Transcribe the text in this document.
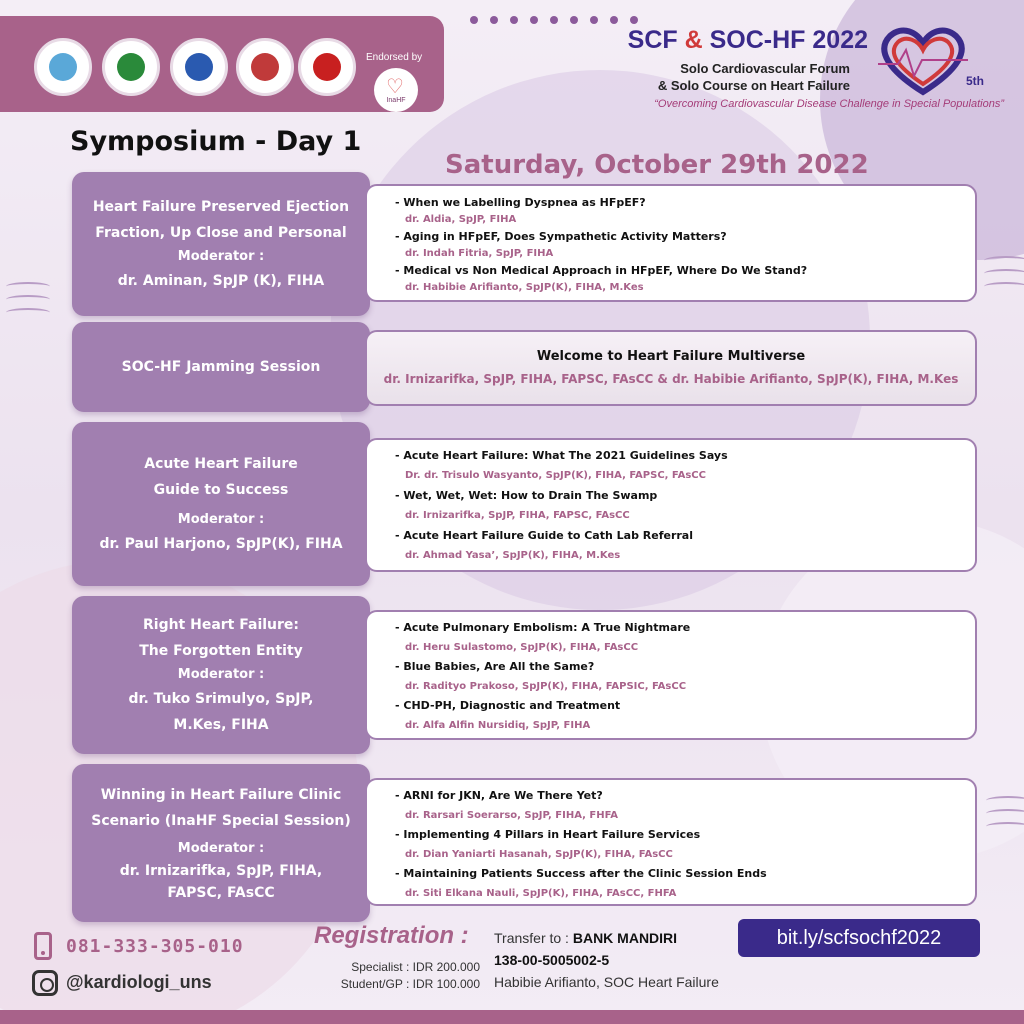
Endorsed by
♡
InaHF
SCF & SOC-HF 2022
Solo Cardiovascular Forum
& Solo Course on Heart Failure
“Overcoming Cardiovascular Disease Challenge in Special Populations”
5th
Symposium - Day 1
Saturday, October 29th 2022
Heart Failure Preserved Ejection
Fraction, Up Close and Personal
Moderator :
dr. Aminan, SpJP (K), FIHA
- When we Labelling Dyspnea as HFpEF?
dr. Aldia, SpJP, FIHA
- Aging in HFpEF, Does Sympathetic Activity Matters?
dr. Indah Fitria, SpJP, FIHA
- Medical vs Non Medical Approach in HFpEF, Where Do We Stand?
dr. Habibie Arifianto, SpJP(K), FIHA, M.Kes
SOC-HF Jamming Session
Welcome to Heart Failure Multiverse
dr. Irnizarifka, SpJP, FIHA, FAPSC, FAsCC & dr. Habibie Arifianto, SpJP(K), FIHA, M.Kes
Acute Heart Failure
Guide to Success
Moderator :
dr. Paul Harjono, SpJP(K), FIHA
- Acute Heart Failure: What The 2021 Guidelines Says
Dr. dr. Trisulo Wasyanto, SpJP(K), FIHA, FAPSC, FAsCC
- Wet, Wet, Wet: How to Drain The Swamp
dr. Irnizarifka, SpJP, FIHA, FAPSC, FAsCC
- Acute Heart Failure Guide to Cath Lab Referral
dr. Ahmad Yasa’, SpJP(K), FIHA, M.Kes
Right Heart Failure:
The Forgotten Entity
Moderator :
dr. Tuko Srimulyo, SpJP,
M.Kes, FIHA
- Acute Pulmonary Embolism: A True Nightmare
dr. Heru Sulastomo, SpJP(K), FIHA, FAsCC
- Blue Babies, Are All the Same?
dr. Radityo Prakoso, SpJP(K), FIHA, FAPSIC, FAsCC
- CHD-PH, Diagnostic and Treatment
dr. Alfa Alfin Nursidiq, SpJP, FIHA
Winning in Heart Failure Clinic
Scenario (InaHF Special Session)
Moderator :
dr. Irnizarifka, SpJP, FIHA,
FAPSC, FAsCC
- ARNI for JKN, Are We There Yet?
dr. Rarsari Soerarso, SpJP, FIHA, FHFA
- Implementing 4 Pillars in Heart Failure Services
dr. Dian Yaniarti Hasanah, SpJP(K), FIHA, FAsCC
- Maintaining Patients Success after the Clinic Session Ends
dr. Siti Elkana Nauli, SpJP(K), FIHA, FAsCC, FHFA
081-333-305-010
@kardiologi_uns
Registration :
Specialist : IDR 200.000
Student/GP : IDR 100.000
Transfer to : BANK MANDIRI
138-00-5005002-5
Habibie Arifianto, SOC Heart Failure
bit.ly/scfsochf2022
